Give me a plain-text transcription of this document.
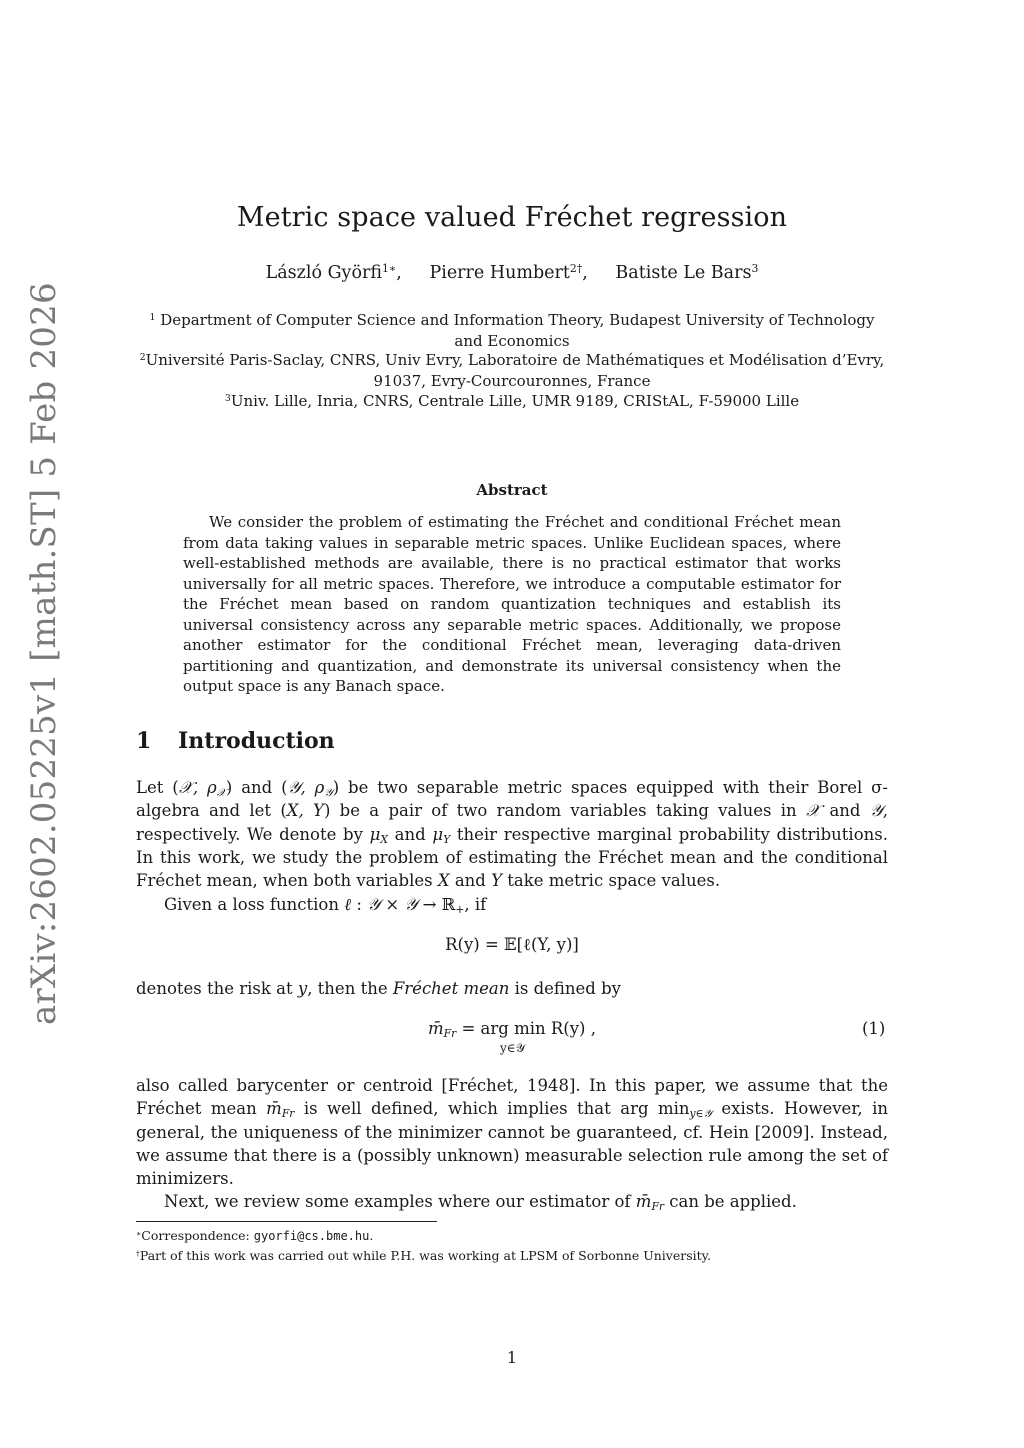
arXiv:2602.05225v1 [math.ST] 5 Feb 2026
Metric space valued Fréchet regression
László Györfi$^{1∗}$, Pierre Humbert$^{2\dagger}$, Batiste Le Bars$^3$
$^1$ Department of Computer Science and Information Theory, Budapest University of Technology
and Economics
$^2$Université Paris-Saclay, CNRS, Univ Evry, Laboratoire de Mathématiques et Modélisation d’Evry,
91037, Evry-Courcouronnes, France
$^3$Univ. Lille, Inria, CNRS, Centrale Lille, UMR 9189, CRIStAL, F-59000 Lille
Abstract

We consider the problem of estimating the Fréchet and conditional Fréchet mean from data taking values in separable metric spaces. Unlike Euclidean spaces, where well-established methods are available, there is no practical estimator that works universally for all metric spaces. Therefore, we introduce a computable estimator for the Fréchet mean based on random quantization techniques and establish its universal consistency across any separable metric spaces. Additionally, we propose another estimator for the conditional Fréchet mean, leveraging data-driven partitioning and quantization, and demonstrate its universal consistency when the output space is any Banach space.

1 Introduction
Let (𝒳, $\rho_𝒳$) and (𝒴, $\rho_𝒴$) be two separable metric spaces equipped with their Borel σ-algebra and let (X, Y) be a pair of two random variables taking values in 𝒳 and 𝒴, respectively. We denote by $\mu_X$ and $\mu_Y$ their respective marginal probability distributions. In this work, we study the problem of estimating the Fréchet mean and the conditional Fréchet mean, when both variables X and Y take metric space values.
Given a loss function ℓ : 𝒴 × 𝒴 → ℝ$_+$, if
R(y) = 𝔼[ℓ(Y, y)]
denotes the risk at y, then the Fréchet mean is defined by
$m̄_{Fr}$ = arg min R(y) ,
y∈𝒴
(1)
also called barycenter or centroid [Fréchet, 1948]. In this paper, we assume that the Fréchet mean $m̄_{Fr}$ is well defined, which implies that arg $\min_{y\in 𝒴}$ exists. However, in general, the uniqueness of the minimizer cannot be guaranteed, cf. Hein [2009]. Instead, we assume that there is a (possibly unknown) measurable selection rule among the set of minimizers.
Next, we review some examples where our estimator of $m̄_{Fr}$ can be applied.
∗Correspondence: gyorfi@cs.bme.hu.
†Part of this work was carried out while P.H. was working at LPSM of Sorbonne University.
1
